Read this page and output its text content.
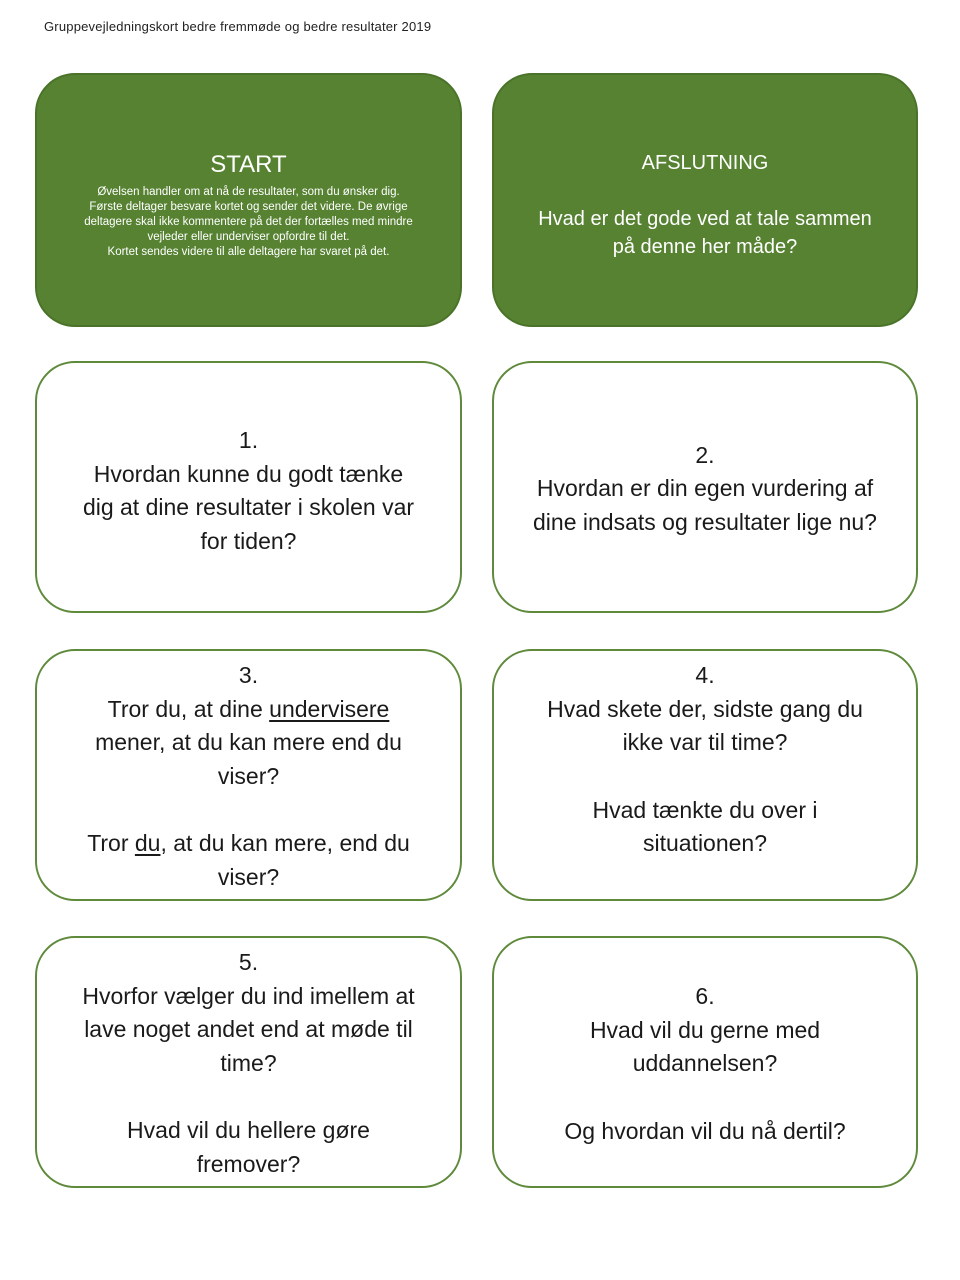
Gruppevejledningskort bedre fremmøde og bedre resultater 2019
START
Øvelsen handler om at nå de resultater, som du ønsker dig.
Første deltager besvare kortet og sender det videre. De øvrige
deltagere skal ikke kommentere på det der fortælles med mindre
vejleder eller underviser opfordre til det.
Kortet sendes videre til alle deltagere har svaret på det.
AFSLUTNING
Hvad er det gode ved at tale sammen
på denne her måde?

1.

Hvordan kunne du godt tænke

dig at dine resultater i skolen var

for tiden?

2.

Hvordan er din egen vurdering af

dine indsats og resultater lige nu?

3.

Tror du, at dine undervisere

mener, at du kan mere end du

viser?

Tror du, at du kan mere, end du

viser?

4.

Hvad skete der, sidste gang du

ikke var til time?

Hvad tænkte du over i

situationen?

5.

Hvorfor vælger du ind imellem at

lave noget andet end at møde til

time?

Hvad vil du hellere gøre

fremover?

6.

Hvad vil du gerne med

uddannelsen?

Og hvordan vil du nå dertil?
